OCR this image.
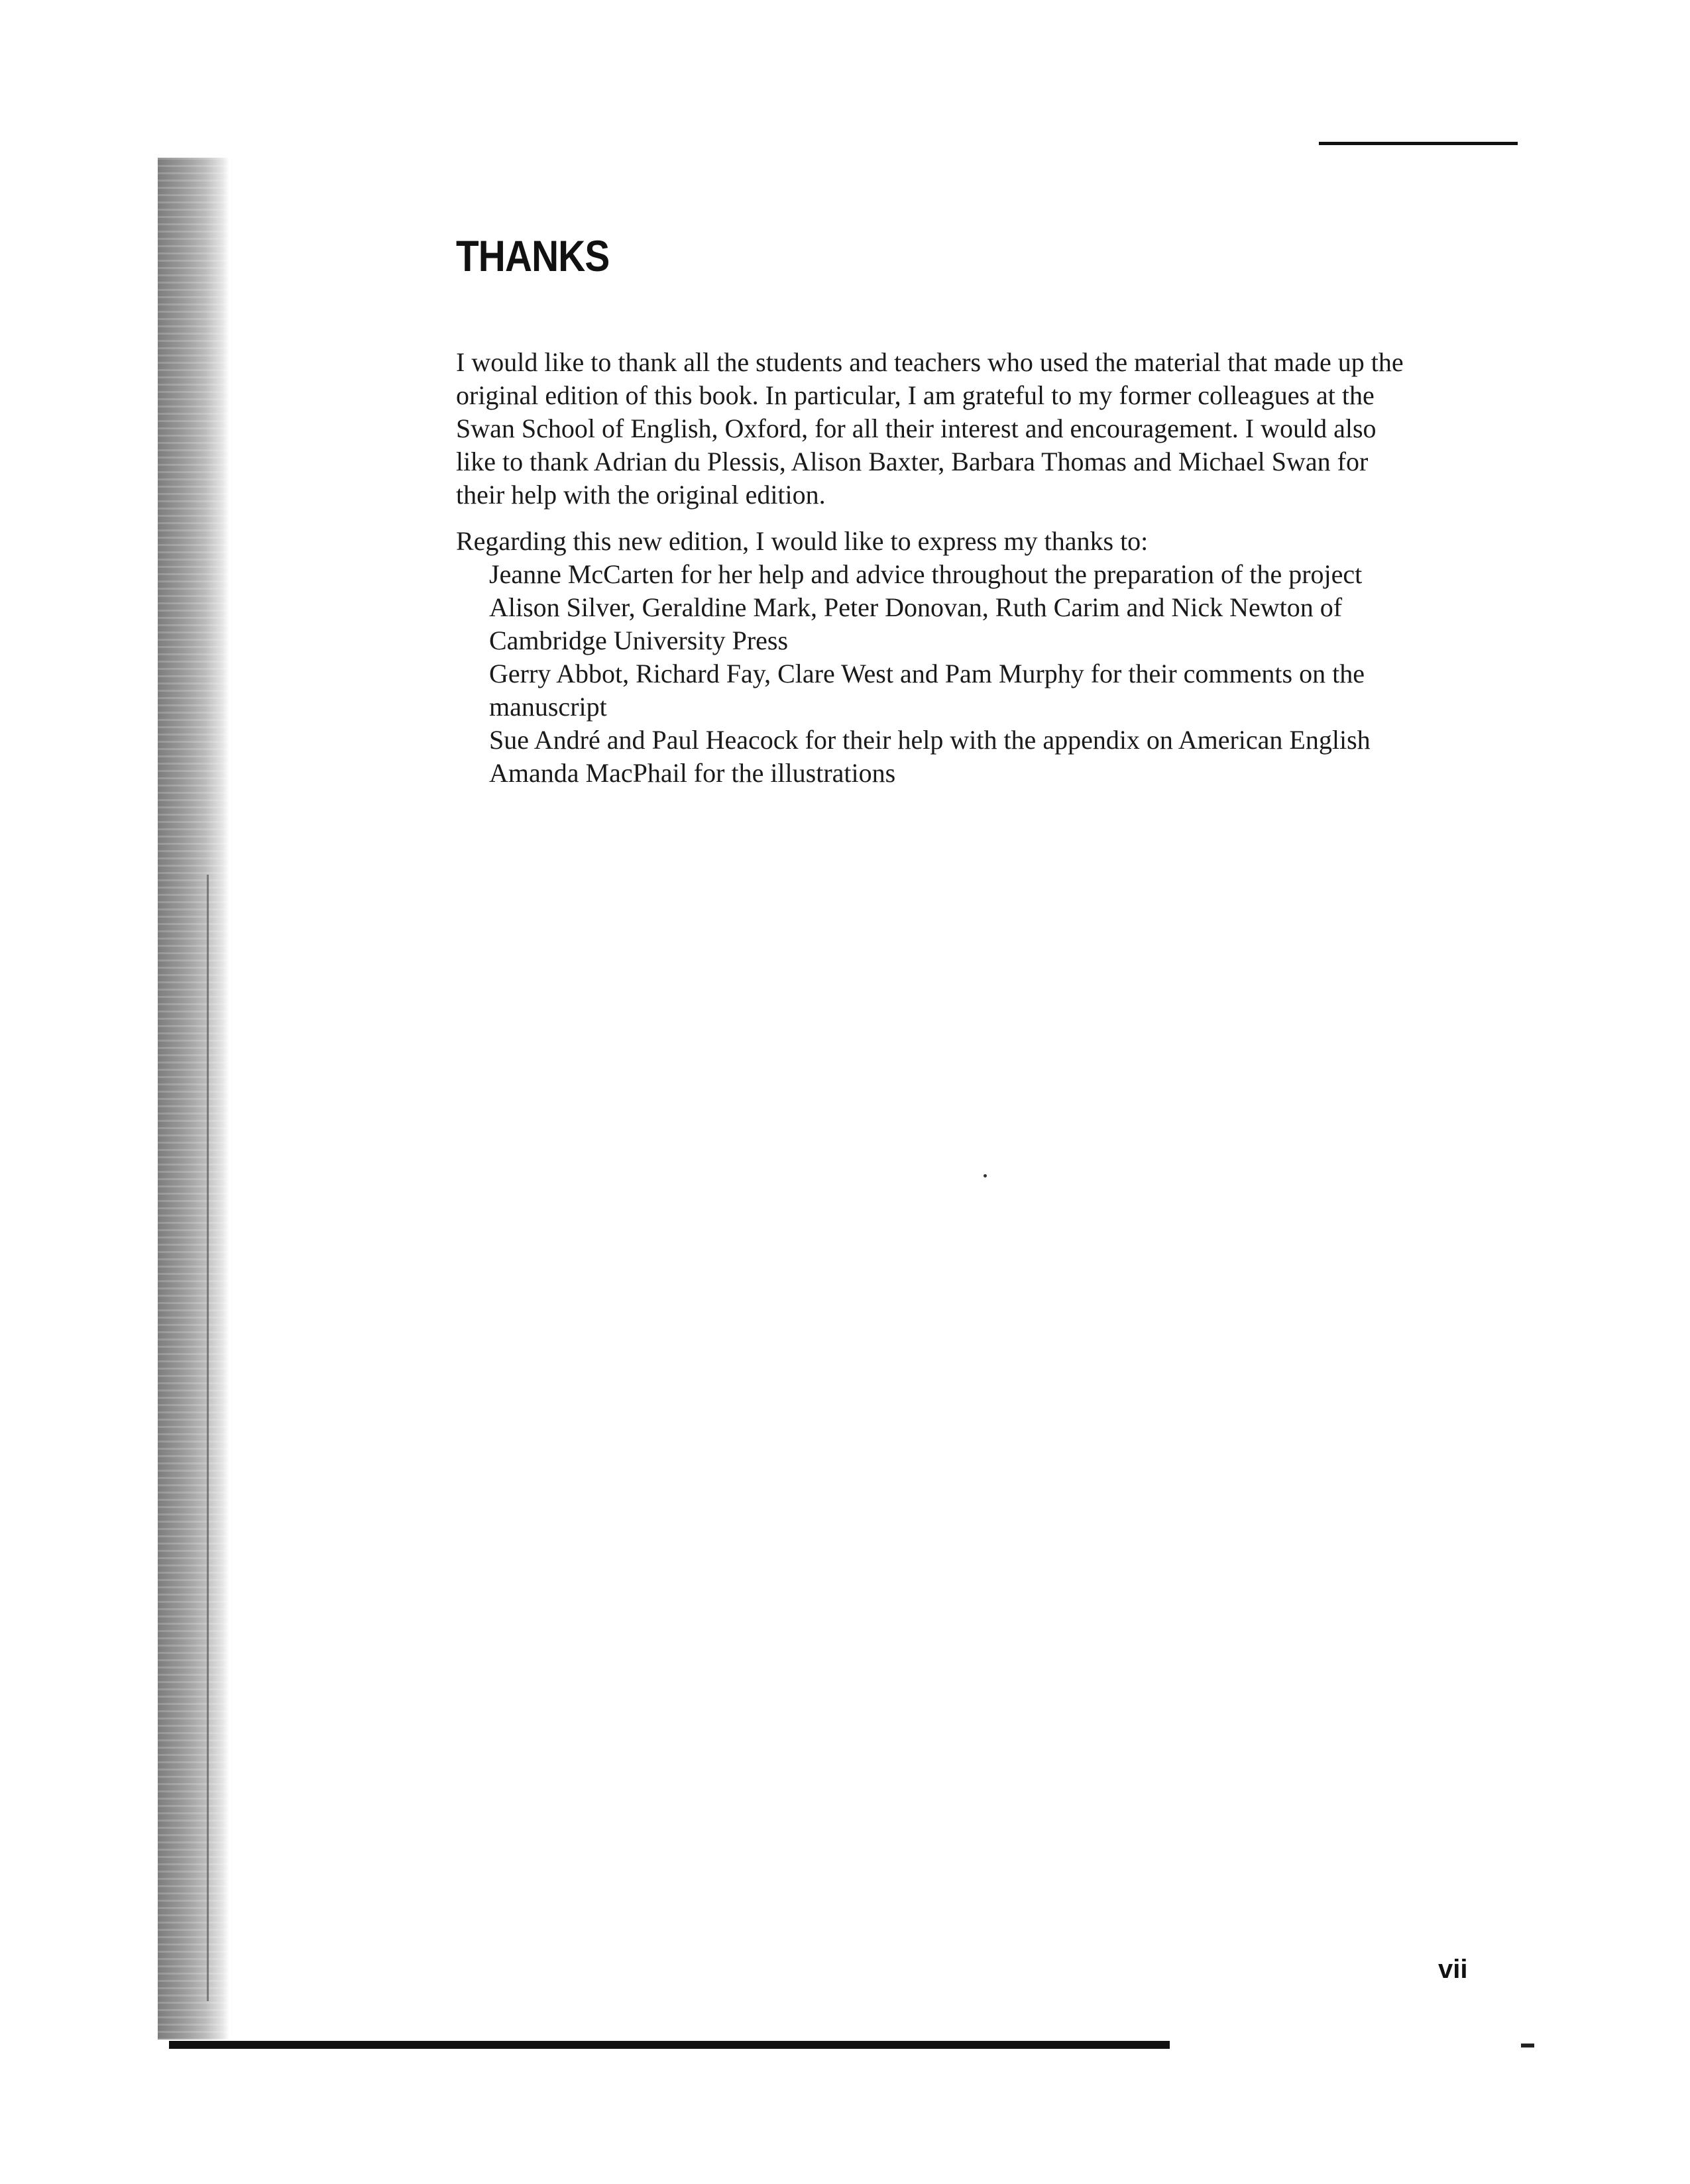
THANKS

I would like to thank all the students and teachers who used the material that made up the original edition of this book. In particular, I am grateful to my former colleagues at the Swan School of English, Oxford, for all their interest and encouragement. I would also like to thank Adrian du Plessis, Alison Baxter, Barbara Thomas and Michael Swan for their help with the original edition.

Regarding this new edition, I would like to express my thanks to:

Jeanne McCarten for her help and advice throughout the preparation of the project
Alison Silver, Geraldine Mark, Peter Donovan, Ruth Carim and Nick Newton of Cambridge University Press
Gerry Abbot, Richard Fay, Clare West and Pam Murphy for their comments on the manuscript
Sue André and Paul Heacock for their help with the appendix on American English
Amanda MacPhail for the illustrations
vii
